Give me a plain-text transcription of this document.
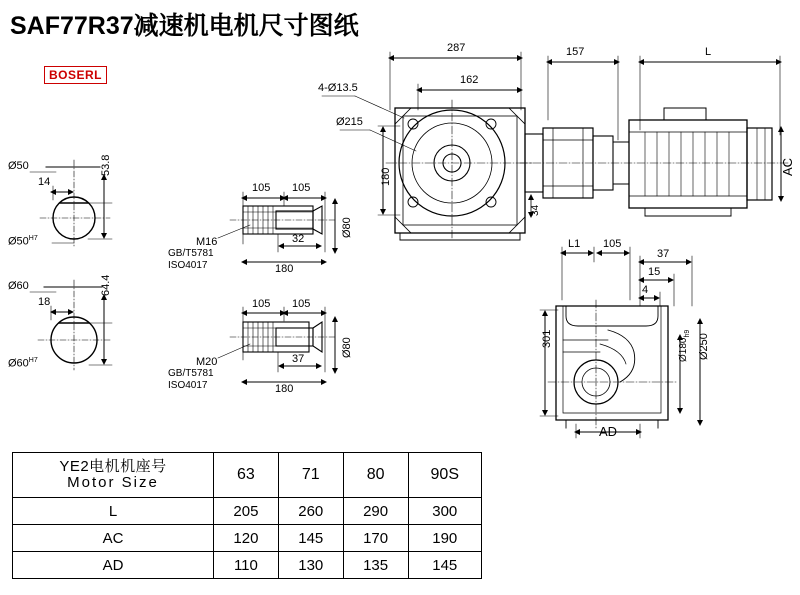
SAF77R37减速机电机尺寸图纸
BOSERL
287
162
157	L
4-Ø13.5
Ø215
180
34
AC
Ø50	53.8
14
$Ø50^{H7}$
Ø60	64.4
18
$Ø60^{H7}$
105 105
32
180
Ø80
M16
GB/T5781
ISO4017
105 105
37
180
Ø80
M20
GB/T5781
ISO4017
L1 105
37
15
4
301	$Ø180_{h9}$ Ø250
AD
YE2电机机座号
Motor Size	63	71	80	90S
L	205	260	290	300
AC	120	145	170	190
AD	110	130	135	145
